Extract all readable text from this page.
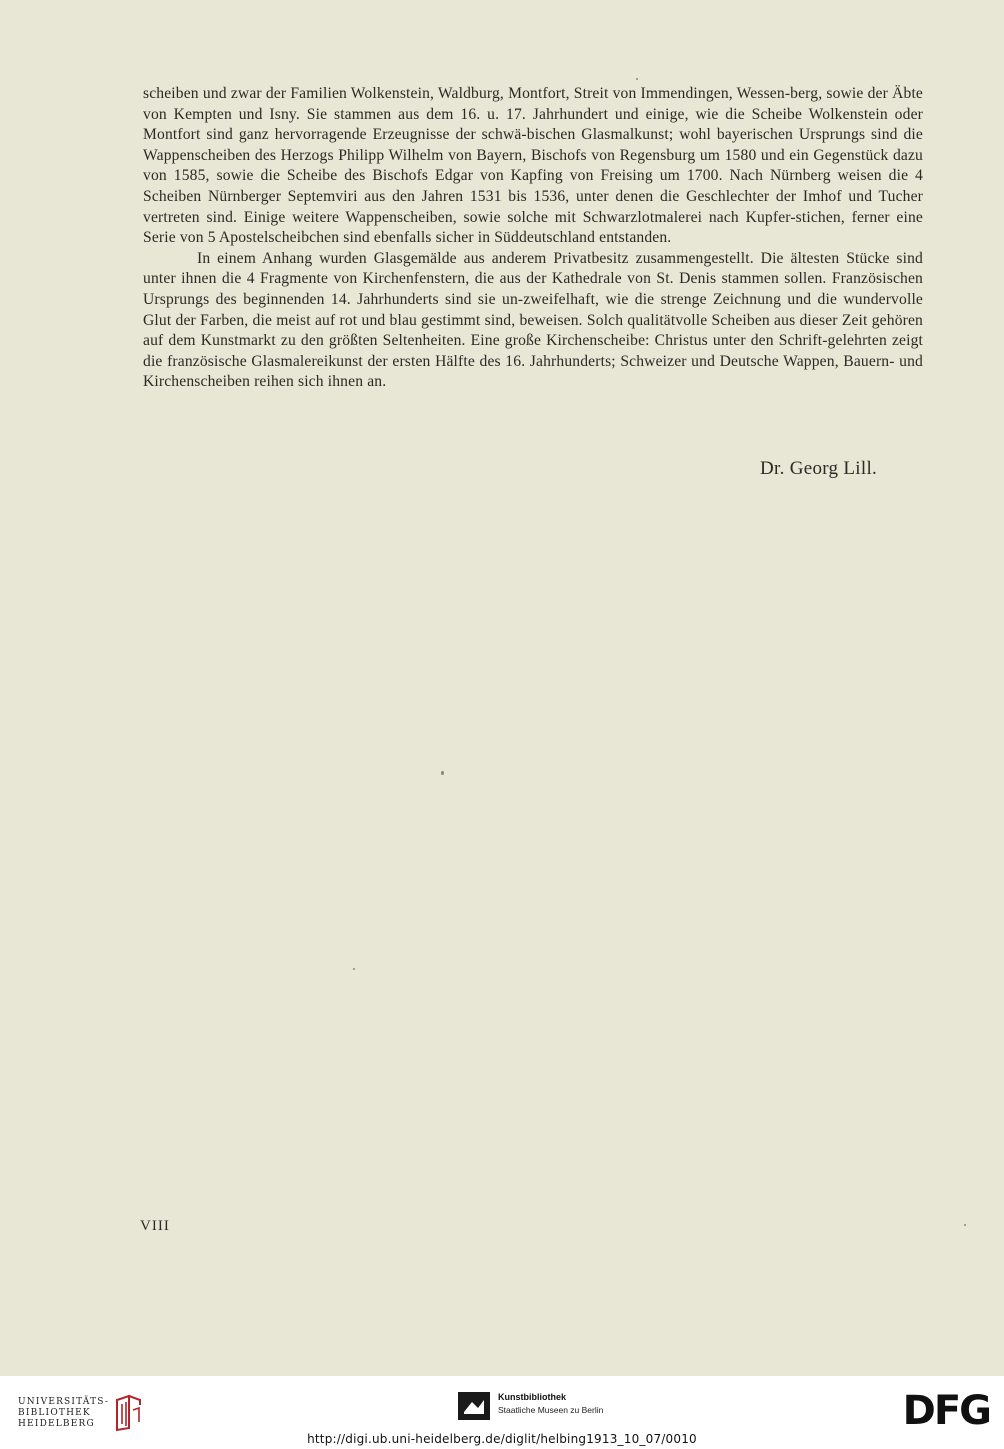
scheiben und zwar der Familien Wolkenstein, Waldburg, Montfort, Streit von Immendingen, Wessen-berg, sowie der Äbte von Kempten und Isny. Sie stammen aus dem 16. u. 17. Jahrhundert und einige, wie die Scheibe Wolkenstein oder Montfort sind ganz hervorragende Erzeugnisse der schwä-bischen Glasmalkunst; wohl bayerischen Ursprungs sind die Wappenscheiben des Herzogs Philipp Wilhelm von Bayern, Bischofs von Regensburg um 1580 und ein Gegenstück dazu von 1585, sowie die Scheibe des Bischofs Edgar von Kapfing von Freising um 1700. Nach Nürnberg weisen die 4 Scheiben Nürnberger Septemviri aus den Jahren 1531 bis 1536, unter denen die Geschlechter der Imhof und Tucher vertreten sind. Einige weitere Wappenscheiben, sowie solche mit Schwarzlotmalerei nach Kupfer-stichen, ferner eine Serie von 5 Apostelscheibchen sind ebenfalls sicher in Süddeutschland entstanden.

In einem Anhang wurden Glasgemälde aus anderem Privatbesitz zusammengestellt. Die ältesten Stücke sind unter ihnen die 4 Fragmente von Kirchenfenstern, die aus der Kathedrale von St. Denis stammen sollen. Französischen Ursprungs des beginnenden 14. Jahrhunderts sind sie un-zweifelhaft, wie die strenge Zeichnung und die wundervolle Glut der Farben, die meist auf rot und blau gestimmt sind, beweisen. Solch qualitätvolle Scheiben aus dieser Zeit gehören auf dem Kunstmarkt zu den größten Seltenheiten. Eine große Kirchenscheibe: Christus unter den Schrift-gelehrten zeigt die französische Glasmalereikunst der ersten Hälfte des 16. Jahrhunderts; Schweizer und Deutsche Wappen, Bauern- und Kirchenscheiben reihen sich ihnen an.

Dr. Georg Lill.
VIII
UNIVERSITÄTS-
BIBLIOTHEK
HEIDELBERG
Kunstbibliothek
Staatliche Museen zu Berlin	DFG
http://digi.ub.uni-heidelberg.de/diglit/helbing1913_10_07/0010
